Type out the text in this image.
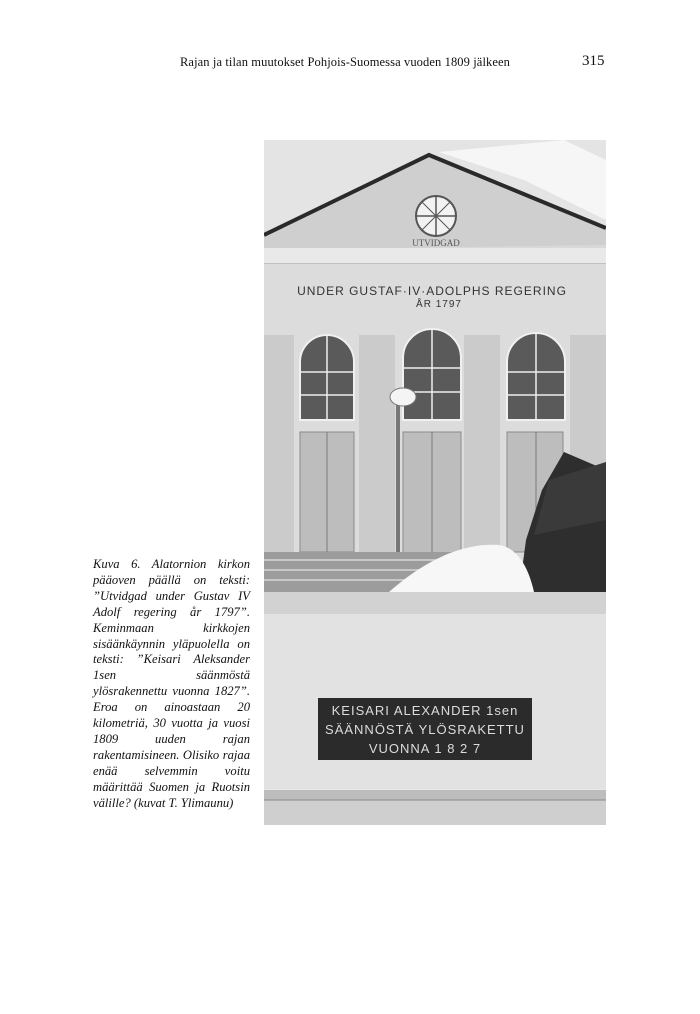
Rajan ja tilan muutokset Pohjois-Suomessa vuoden 1809 jälkeen	315

Kuva 6. Alatornion kirkon pääoven päällä on teksti: ”Utvidgad under Gustav IV Adolf regering år 1797”. Keminmaan kirkkojen sisäänkäynnin yläpuolella on teksti: ”Keisari Aleksander 1sen säänmöstä ylösrakennettu vuonna 1827”. Eroa on ainoastaan 20 kilometriä, 30 vuotta ja vuosi 1809 uuden rajan rakentamisineen. Olisiko rajaa enää selvemmin voitu määrittää Suomen ja Ruotsin välille? (kuvat T. Ylimaunu)

UTVIDGAD
UNDER GUSTAF·IV·ADOLPHS REGERING
ÅR 1797
KEISARI ALEXANDER 1sen
SÄÄNNÖSTÄ YLÖSRAKETTU
VUONNA 1 8 2 7
